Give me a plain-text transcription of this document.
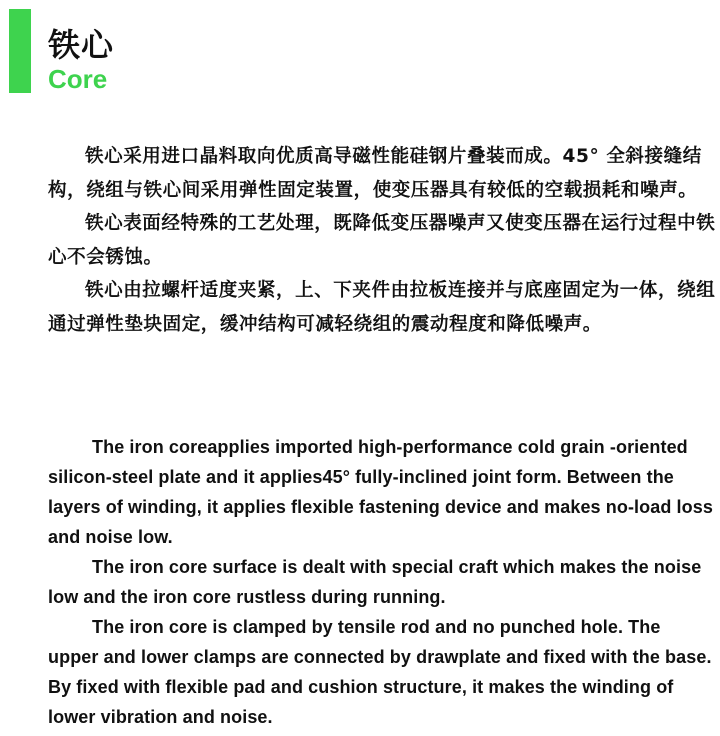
铁心
Core

铁心采用进口晶料取向优质高导磁性能硅钢片叠装而成。45° 全斜接缝结构，绕组与铁心间采用弹性固定装置，使变压器具有较低的空载损耗和噪声。

铁心表面经特殊的工艺处理，既降低变压器噪声又使变压器在运行过程中铁心不会锈蚀。

铁心由拉螺杆适度夹紧，上、下夹件由拉板连接并与底座固定为一体，绕组通过弹性垫块固定，缓冲结构可减轻绕组的震动程度和降低噪声。

The iron coreapplies imported high-performance cold grain -oriented silicon-steel plate and it applies45° fully-inclined joint form. Between the layers of winding, it applies flexible fastening device and makes no-load loss and noise low.

The iron core surface is dealt with special craft which makes the noise low and the iron core rustless during running.

The iron core is clamped by tensile rod and no punched hole. The upper and lower clamps are connected by drawplate and fixed with the base. By fixed with flexible pad and cushion structure, it makes the winding of lower vibration and noise.
